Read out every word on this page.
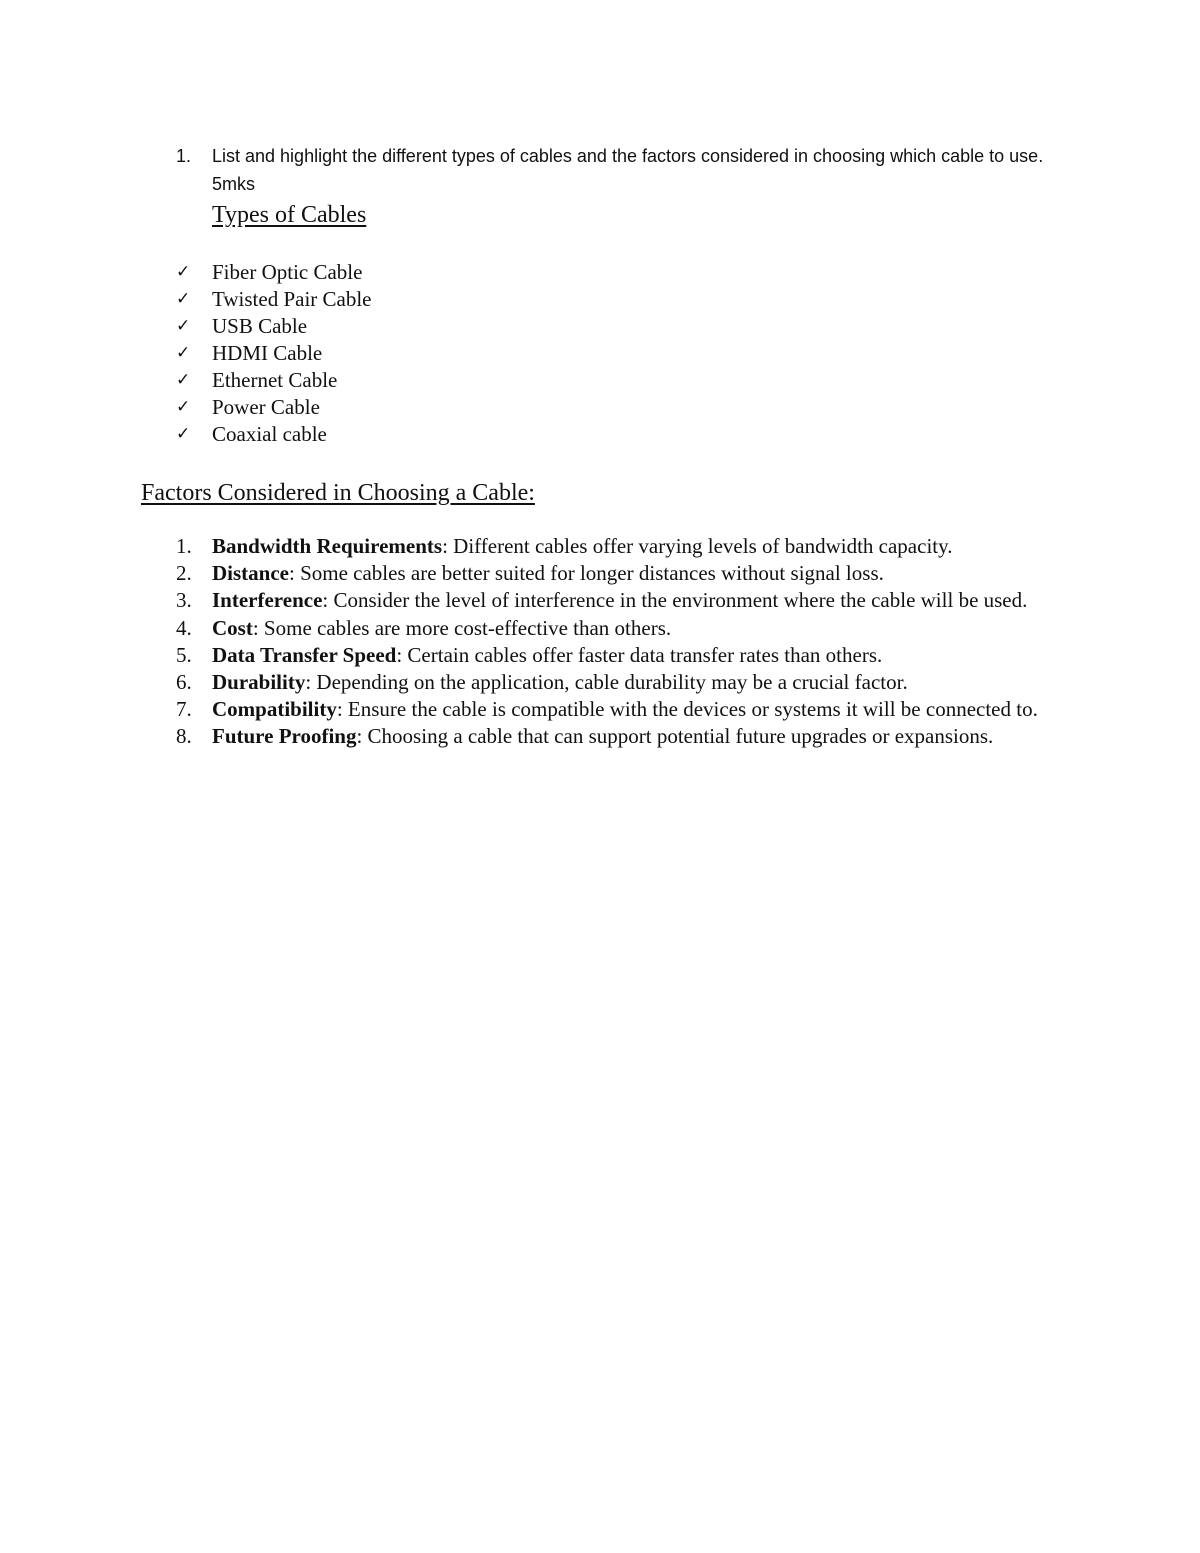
1. List and highlight the different types of cables and the factors considered in choosing which cable to use. 5mks
Types of Cables
✓	Fiber Optic Cable
✓	Twisted Pair Cable
✓	USB Cable
✓	HDMI Cable
✓	Ethernet Cable
✓	Power Cable
✓	Coaxial cable
Factors Considered in Choosing a Cable:
1. Bandwidth Requirements: Different cables offer varying levels of bandwidth capacity.
2. Distance: Some cables are better suited for longer distances without signal loss.
3. Interference: Consider the level of interference in the environment where the cable will be used.
4. Cost: Some cables are more cost-effective than others.
5. Data Transfer Speed: Certain cables offer faster data transfer rates than others.
6. Durability: Depending on the application, cable durability may be a crucial factor.
7. Compatibility: Ensure the cable is compatible with the devices or systems it will be connected to.
8. Future Proofing: Choosing a cable that can support potential future upgrades or expansions.
